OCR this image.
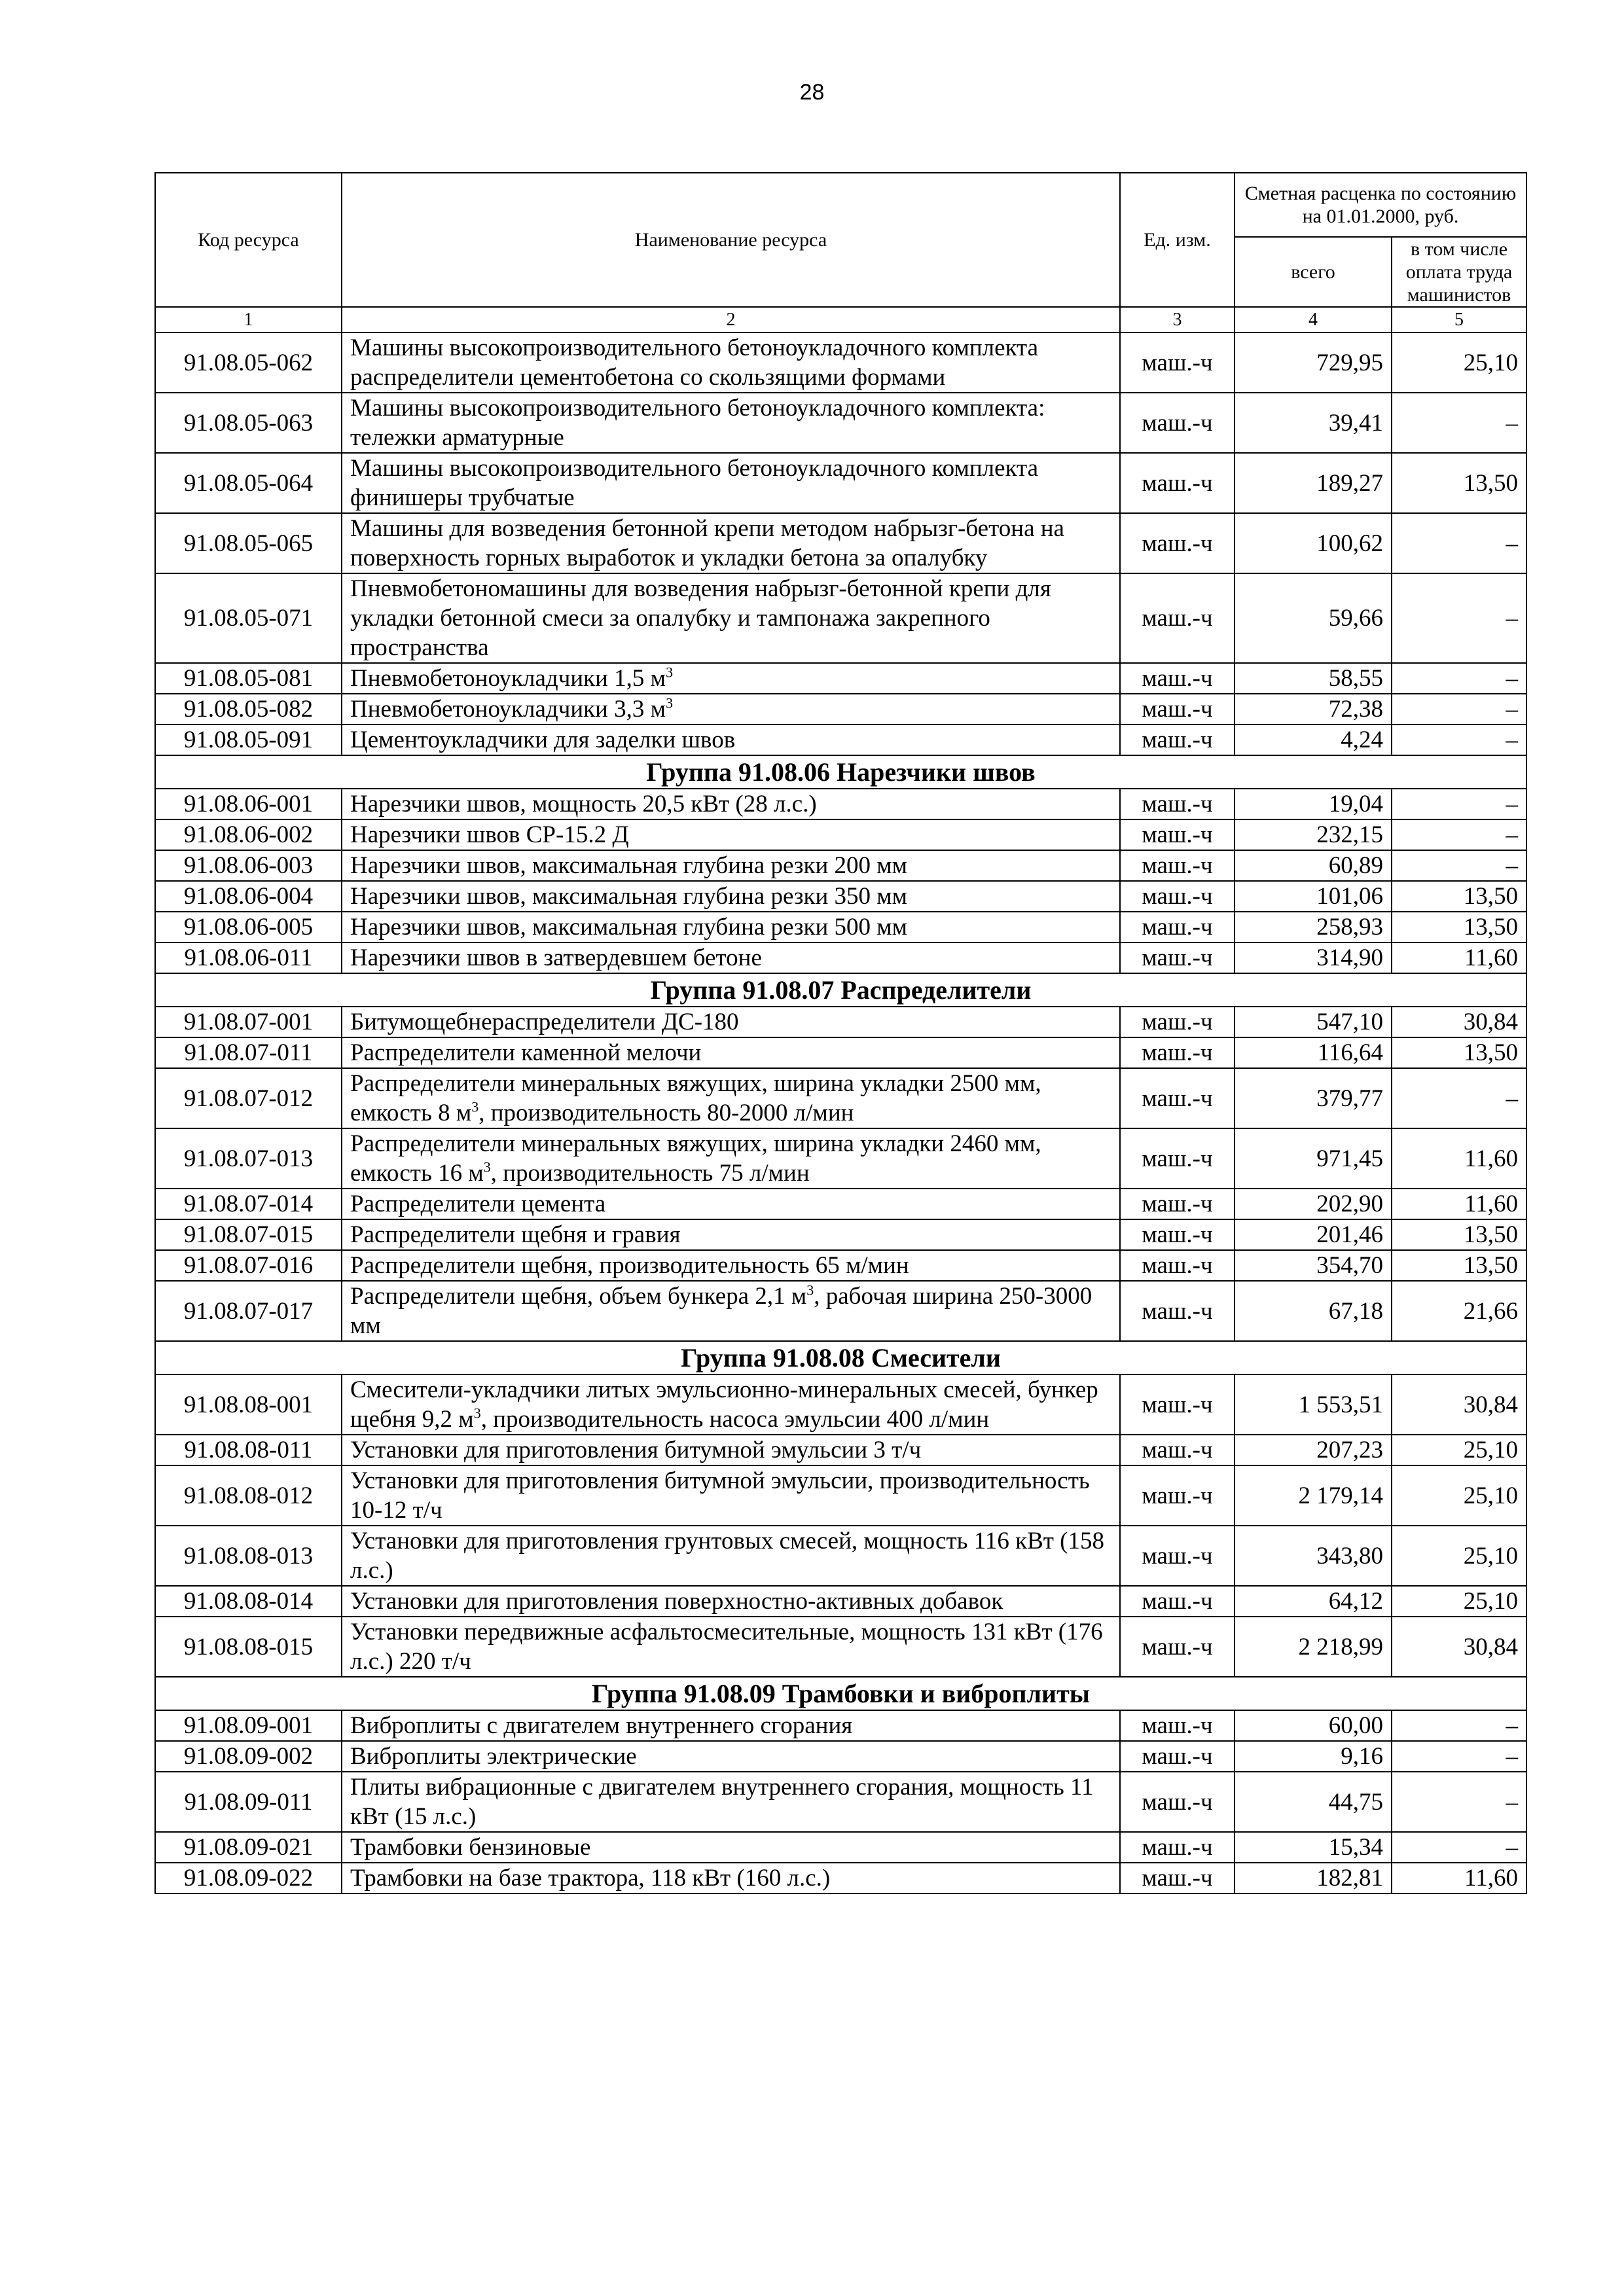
28
Код ресурса	Наименование ресурса	Ед. изм.	Сметная расценка по состоянию на 01.01.2000, руб.	
			всего	в том числе оплата труда машинистов
1	2	3	4	5
91.08.05-062	Машины высокопроизводительного бетоноукладочного комплекта распределители цементобетона со скользящими формами	маш.-ч	729,95	25,10
91.08.05-063	Машины высокопроизводительного бетоноукладочного комплекта: тележки арматурные	маш.-ч	39,41	–
91.08.05-064	Машины высокопроизводительного бетоноукладочного комплекта финишеры трубчатые	маш.-ч	189,27	13,50
91.08.05-065	Машины для возведения бетонной крепи методом набрызг-бетона на поверхность горных выработок и укладки бетона за опалубку	маш.-ч	100,62	–
91.08.05-071	Пневмобетономашины для возведения набрызг-бетонной крепи для укладки бетонной смеси за опалубку и тампонажа закрепного пространства	маш.-ч	59,66	–
91.08.05-081	Пневмобетоноукладчики 1,5 $м^3$	маш.-ч	58,55	–
91.08.05-082	Пневмобетоноукладчики 3,3 $м^3$	маш.-ч	72,38	–
91.08.05-091	Цементоукладчики для заделки швов	маш.-ч	4,24	–
Группа 91.08.06 Нарезчики швов				
91.08.06-001	Нарезчики швов, мощность 20,5 кВт (28 л.с.)	маш.-ч	19,04	–
91.08.06-002	Нарезчики швов СР-15.2 Д	маш.-ч	232,15	–
91.08.06-003	Нарезчики швов, максимальная глубина резки 200 мм	маш.-ч	60,89	–
91.08.06-004	Нарезчики швов, максимальная глубина резки 350 мм	маш.-ч	101,06	13,50
91.08.06-005	Нарезчики швов, максимальная глубина резки 500 мм	маш.-ч	258,93	13,50
91.08.06-011	Нарезчики швов в затвердевшем бетоне	маш.-ч	314,90	11,60
Группа 91.08.07 Распределители				
91.08.07-001	Битумощебнераспределители ДС-180	маш.-ч	547,10	30,84
91.08.07-011	Распределители каменной мелочи	маш.-ч	116,64	13,50
91.08.07-012	Распределители минеральных вяжущих, ширина укладки 2500 мм, емкость 8 $м^3$, производительность 80-2000 л/мин	маш.-ч	379,77	–
91.08.07-013	Распределители минеральных вяжущих, ширина укладки 2460 мм, емкость 16 $м^3$, производительность 75 л/мин	маш.-ч	971,45	11,60
91.08.07-014	Распределители цемента	маш.-ч	202,90	11,60
91.08.07-015	Распределители щебня и гравия	маш.-ч	201,46	13,50
91.08.07-016	Распределители щебня, производительность 65 м/мин	маш.-ч	354,70	13,50
91.08.07-017	Распределители щебня, объем бункера 2,1 $м^3$, рабочая ширина 250-3000 мм	маш.-ч	67,18	21,66
Группа 91.08.08 Смесители				
91.08.08-001	Смесители-укладчики литых эмульсионно-минеральных смесей, бункер щебня 9,2 $м^3$, производительность насоса эмульсии 400 л/мин	маш.-ч	1 553,51	30,84
91.08.08-011	Установки для приготовления битумной эмульсии 3 т/ч	маш.-ч	207,23	25,10
91.08.08-012	Установки для приготовления битумной эмульсии, производительность 10-12 т/ч	маш.-ч	2 179,14	25,10
91.08.08-013	Установки для приготовления грунтовых смесей, мощность 116 кВт (158 л.с.)	маш.-ч	343,80	25,10
91.08.08-014	Установки для приготовления поверхностно-активных добавок	маш.-ч	64,12	25,10
91.08.08-015	Установки передвижные асфальтосмесительные, мощность 131 кВт (176 л.с.) 220 т/ч	маш.-ч	2 218,99	30,84
Группа 91.08.09 Трамбовки и виброплиты				
91.08.09-001	Виброплиты с двигателем внутреннего сгорания	маш.-ч	60,00	–
91.08.09-002	Виброплиты электрические	маш.-ч	9,16	–
91.08.09-011	Плиты вибрационные с двигателем внутреннего сгорания, мощность 11 кВт (15 л.с.)	маш.-ч	44,75	–
91.08.09-021	Трамбовки бензиновые	маш.-ч	15,34	–
91.08.09-022	Трамбовки на базе трактора, 118 кВт (160 л.с.)	маш.-ч	182,81	11,60
